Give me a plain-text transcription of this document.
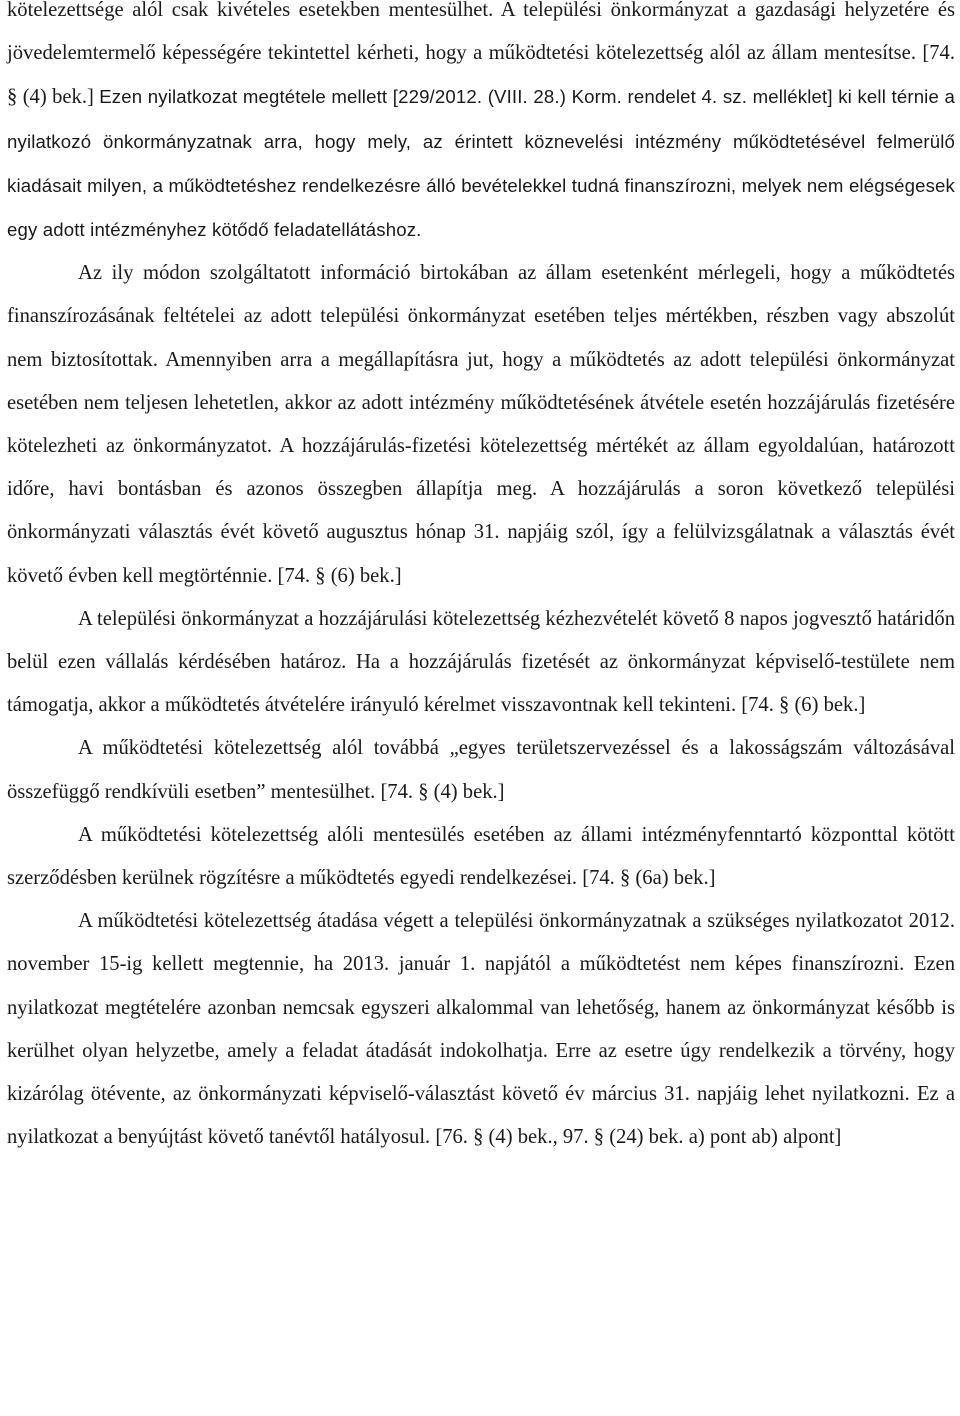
kötelezettsége alól csak kivételes esetekben mentesülhet. A települési önkormányzat a gazdasági helyzetére és jövedelemtermelő képességére tekintettel kérheti, hogy a működtetési kötelezettség alól az állam mentesítse. [74. § (4) bek.] Ezen nyilatkozat megtétele mellett [229/2012. (VIII. 28.) Korm. rendelet 4. sz. melléklet] ki kell térnie a nyilatkozó önkormányzatnak arra, hogy mely, az érintett köznevelési intézmény működtetésével felmerülő kiadásait milyen, a működtetéshez rendelkezésre álló bevételekkel tudná finanszírozni, melyek nem elégségesek egy adott intézményhez kötődő feladatellátáshoz.

Az ily módon szolgáltatott információ birtokában az állam esetenként mérlegeli, hogy a működtetés finanszírozásának feltételei az adott települési önkormányzat esetében teljes mértékben, részben vagy abszolút nem biztosítottak. Amennyiben arra a megállapításra jut, hogy a működtetés az adott települési önkormányzat esetében nem teljesen lehetetlen, akkor az adott intézmény működtetésének átvétele esetén hozzájárulás fizetésére kötelezheti az önkormányzatot. A hozzájárulás-fizetési kötelezettség mértékét az állam egyoldalúan, határozott időre, havi bontásban és azonos összegben állapítja meg. A hozzájárulás a soron következő települési önkormányzati választás évét követő augusztus hónap 31. napjáig szól, így a felülvizsgálatnak a választás évét követő évben kell megtörténnie. [74. § (6) bek.]

A települési önkormányzat a hozzájárulási kötelezettség kézhezvételét követő 8 napos jogvesztő határidőn belül ezen vállalás kérdésében határoz. Ha a hozzájárulás fizetését az önkormányzat képviselő-testülete nem támogatja, akkor a működtetés átvételére irányuló kérelmet visszavontnak kell tekinteni. [74. § (6) bek.]

A működtetési kötelezettség alól továbbá „egyes területszervezéssel és a lakosságszám változásával összefüggő rendkívüli esetben” mentesülhet. [74. § (4) bek.]

A működtetési kötelezettség alóli mentesülés esetében az állami intézményfenntartó központtal kötött szerződésben kerülnek rögzítésre a működtetés egyedi rendelkezései. [74. § (6a) bek.]

A működtetési kötelezettség átadása végett a települési önkormányzatnak a szükséges nyilatkozatot 2012. november 15-ig kellett megtennie, ha 2013. január 1. napjától a működtetést nem képes finanszírozni. Ezen nyilatkozat megtételére azonban nemcsak egyszeri alkalommal van lehetőség, hanem az önkormányzat később is kerülhet olyan helyzetbe, amely a feladat átadását indokolhatja. Erre az esetre úgy rendelkezik a törvény, hogy kizárólag ötévente, az önkormányzati képviselő-választást követő év március 31. napjáig lehet nyilatkozni. Ez a nyilatkozat a benyújtást követő tanévtől hatályosul. [76. § (4) bek., 97. § (24) bek. a) pont ab) alpont]
